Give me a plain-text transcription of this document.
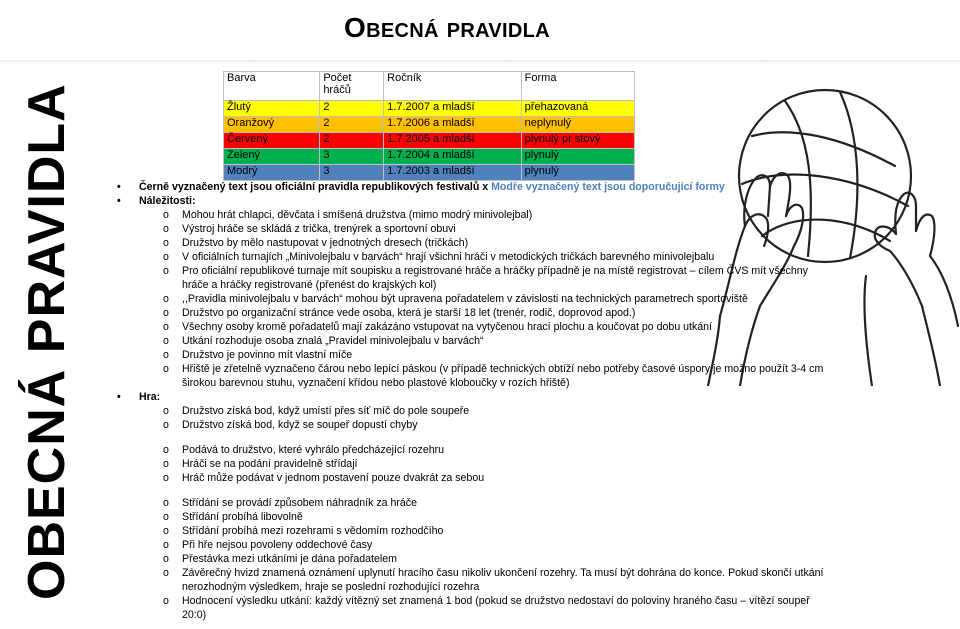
Obecná pravidla
OBECNÁ PRAVIDLA
Barva	Počet hráčů	Ročník	Forma
Žlutý	2	1.7.2007 a mladší	přehazovaná
Oranžový	2	1.7.2006 a mladší	neplynulý
Červený	2	1.7.2005 a mladší	plynulý pr stový
Zelený	3	1.7.2004 a mladší	plynulý
Modrý	3	1.7.2003 a mladší	plynulý

• Černě vyznačený text jsou oficiální pravidla republikových festivalů x Modře vyznačený text jsou doporučující formy

• Náležitosti:

o Mohou hrát chlapci, děvčata i smíšená družstva (mimo modrý minivolejbal)

o Výstroj hráče se skládá z trička, trenýrek a sportovní obuvi

o Družstvo by mělo nastupovat v jednotných dresech (tričkách)

o V oficiálních turnajích „Minivolejbalu v barvách“ hrají všichni hráči v metodických tričkách barevného minivolejbalu

o Pro oficiální republikové turnaje mít soupisku a registrované hráče a hráčky případně je na místě registrovat – cílem ČVS mít všechny hráče a hráčky registrované (přenést do krajských kol)

o ,,Pravidla minivolejbalu v barvách“ mohou být upravena pořadatelem v závislosti na technických parametrech sportoviště

o Družstvo po organizační stránce vede osoba, která je starší 18 let (trenér, rodič, doprovod apod.)

o Všechny osoby kromě pořadatelů mají zakázáno vstupovat na vytyčenou hrací plochu a koučovat po dobu utkání

o Utkání rozhoduje osoba znalá „Pravidel minivolejbalu v barvách“

o Družstvo je povinno mít vlastní míče

o Hřiště je zřetelně vyznačeno čárou nebo lepící páskou (v případě technických obtíží nebo potřeby časové úspory je možno použít 3-4 cm širokou barevnou stuhu, vyznačení křídou nebo plastové kloboučky v rozích hřiště)

• Hra:

o Družstvo získá bod, když umístí přes síť míč do pole soupeře

o Družstvo získá bod, když se soupeř dopustí chyby

o Podává to družstvo, které vyhrálo předcházející rozehru

o Hráči se na podání pravidelně střídají

o Hráč může podávat v jednom postavení pouze dvakrát za sebou

o Střídání se provádí způsobem náhradník za hráče

o Střídání probíhá libovolně

o Střídání probíhá mezi rozehrami s vědomím rozhodčího

o Při hře nejsou povoleny oddechové časy

o Přestávka mezi utkáními je dána pořadatelem

o Závěrečný hvizd znamená oznámení uplynutí hracího času nikoliv ukončení rozehry. Ta musí být dohrána do konce. Pokud skončí utkání nerozhodným výsledkem, hraje se poslední rozhodující rozehra

o Hodnocení výsledku utkání: každý vítězný set znamená 1 bod (pokud se družstvo nedostaví do poloviny hraného času – vítězí soupeř 20:0)
